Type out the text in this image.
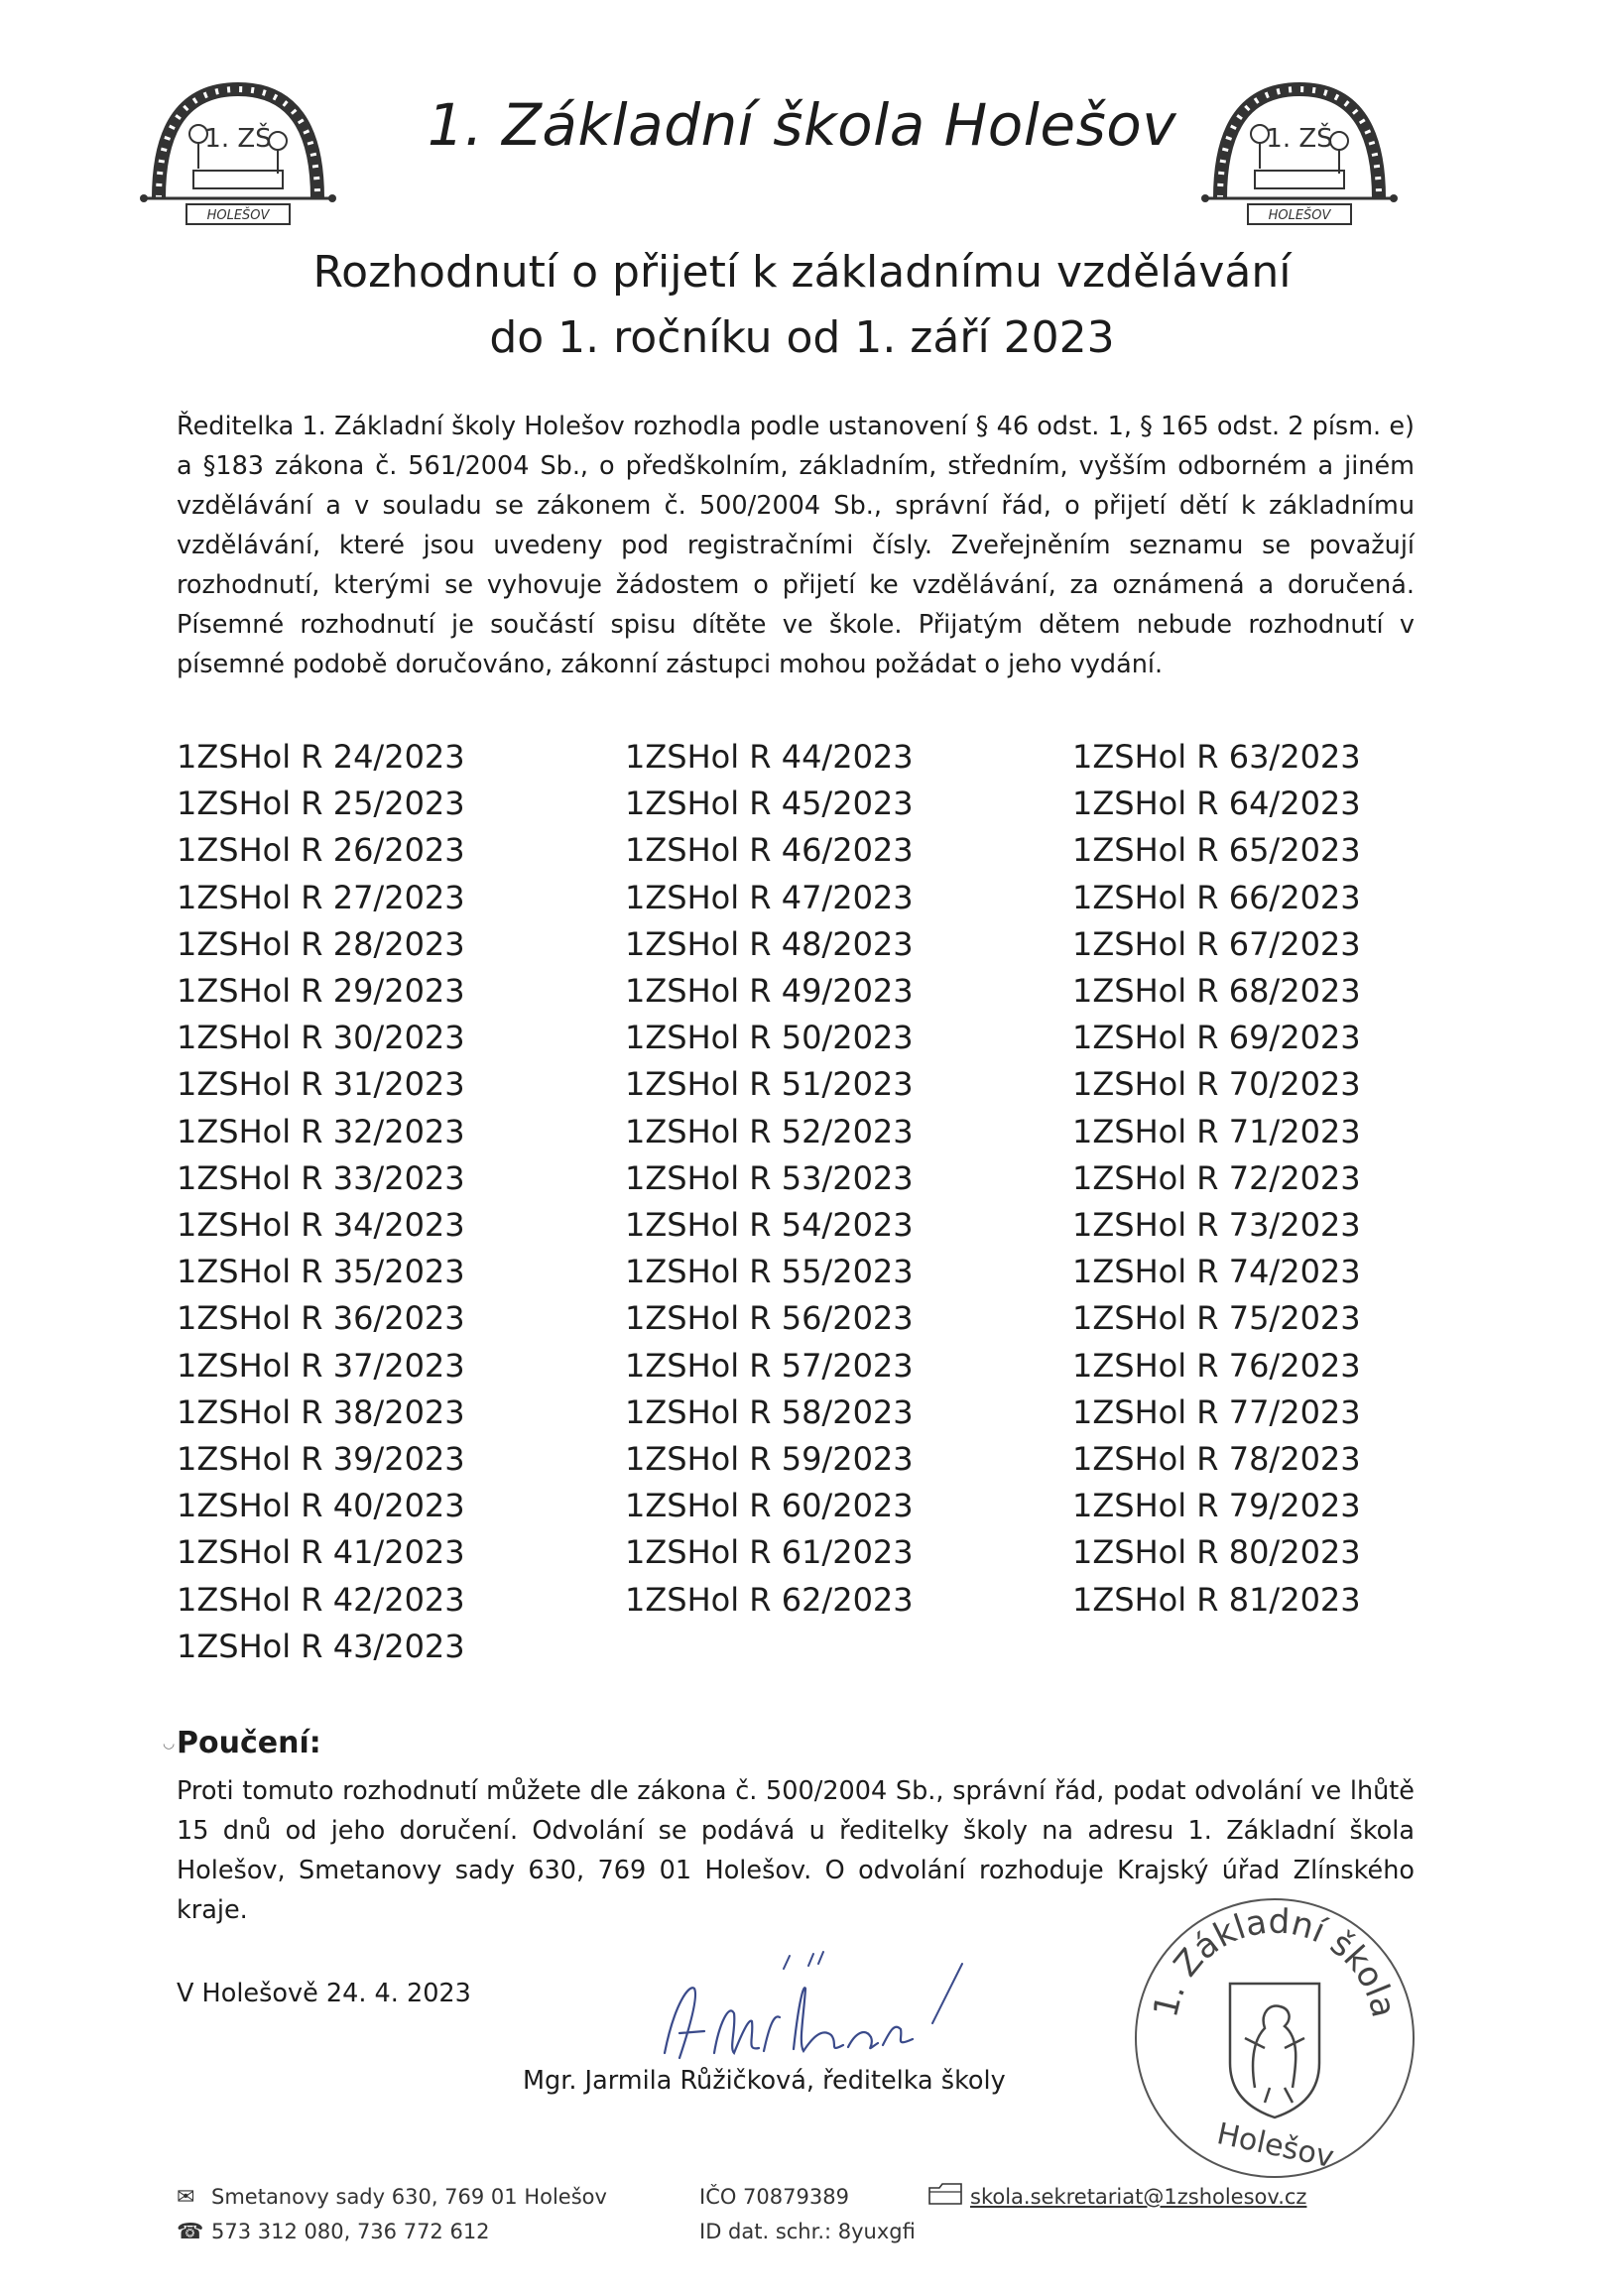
1. ZŠ
HOLEŠOV
1. Základní škola Holešov	1. ZŠ
HOLEŠOV
Rozhodnutí o přijetí k základnímu vzdělávání
do 1. ročníku od 1. září 2023
Ředitelka 1. Základní školy Holešov rozhodla podle ustanovení § 46 odst. 1, § 165 odst. 2 písm. e) a §183 zákona č. 561/2004 Sb., o předškolním, základním, středním, vyšším odborném a jiném vzdělávání a v souladu se zákonem č. 500/2004 Sb., správní řád, o přijetí dětí k základnímu vzdělávání, které jsou uvedeny pod registračními čísly. Zveřejněním seznamu se považují rozhodnutí, kterými se vyhovuje žádostem o přijetí ke vzdělávání, za oznámená a doručená. Písemné rozhodnutí je součástí spisu dítěte ve škole. Přijatým dětem nebude rozhodnutí v písemné podobě doručováno, zákonní zástupci mohou požádat o jeho vydání.
1ZSHol R 24/2023
1ZSHol R 25/2023
1ZSHol R 26/2023
1ZSHol R 27/2023
1ZSHol R 28/2023
1ZSHol R 29/2023
1ZSHol R 30/2023
1ZSHol R 31/2023
1ZSHol R 32/2023
1ZSHol R 33/2023
1ZSHol R 34/2023
1ZSHol R 35/2023
1ZSHol R 36/2023
1ZSHol R 37/2023
1ZSHol R 38/2023
1ZSHol R 39/2023
1ZSHol R 40/2023
1ZSHol R 41/2023
1ZSHol R 42/2023
1ZSHol R 43/2023
1ZSHol R 44/2023
1ZSHol R 45/2023
1ZSHol R 46/2023
1ZSHol R 47/2023
1ZSHol R 48/2023
1ZSHol R 49/2023
1ZSHol R 50/2023
1ZSHol R 51/2023
1ZSHol R 52/2023
1ZSHol R 53/2023
1ZSHol R 54/2023
1ZSHol R 55/2023
1ZSHol R 56/2023
1ZSHol R 57/2023
1ZSHol R 58/2023
1ZSHol R 59/2023
1ZSHol R 60/2023
1ZSHol R 61/2023
1ZSHol R 62/2023
1ZSHol R 63/2023
1ZSHol R 64/2023
1ZSHol R 65/2023
1ZSHol R 66/2023
1ZSHol R 67/2023
1ZSHol R 68/2023
1ZSHol R 69/2023
1ZSHol R 70/2023
1ZSHol R 71/2023
1ZSHol R 72/2023
1ZSHol R 73/2023
1ZSHol R 74/2023
1ZSHol R 75/2023
1ZSHol R 76/2023
1ZSHol R 77/2023
1ZSHol R 78/2023
1ZSHol R 79/2023
1ZSHol R 80/2023
1ZSHol R 81/2023
◡ Poučení:
Proti tomuto rozhodnutí můžete dle zákona č. 500/2004 Sb., správní řád, podat odvolání ve lhůtě 15 dnů od jeho doručení. Odvolání se podává u ředitelky školy na adresu 1. Základní škola Holešov, Smetanovy sady 630, 769 01 Holešov. O odvolání rozhoduje Krajský úřad Zlínského kraje.
V Holešově 24. 4. 2023
Mgr. Jarmila Růžičková, ředitelka školy
1. Základní škola
Holešov
✉ Smetanovy sady 630, 769 01 Holešov
☎ 573 312 080, 736 772 612
IČO 70879389
ID dat. schr.: 8yuxgfi
skola.sekretariat@1zsholesov.cz
